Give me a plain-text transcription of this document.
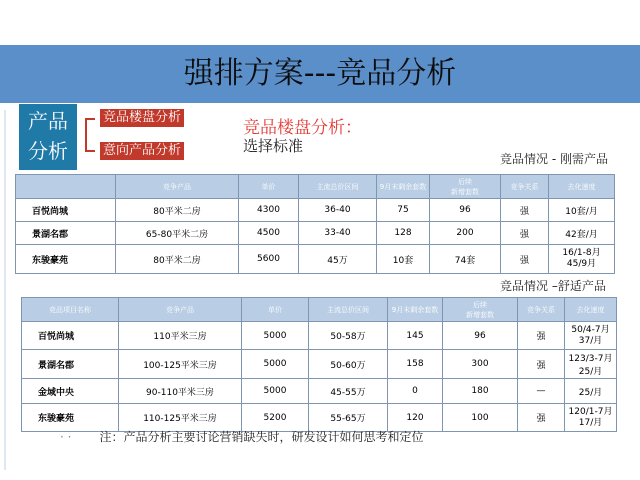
强排方案---竞品分析
产品
分析
竞品楼盘分析
意向产品分析
竞品楼盘分析：
选择标准
竞品情况 - 刚需产品
	竞争产品	单价	主流总价区间	9月末剩余套数	后续
新增套数	竞争关系	去化速度
百悦尚城	80平米二房	4300	36-40	75	96	强	10套/月
景湖名郡	65-80平米二房	4500	33-40	128	200	强	42套/月
东骏豪苑	80平米二房	5600	45万	10套	74套	强	16/1-8月
45/9月
竞品情况 –舒适产品
竞品项目名称	竞争产品	单价	主流总价区间	9月末剩余套数	后续
新增套数	竞争关系	去化速度
百悦尚城	110平米三房	5000	50-58万	145	96	强	50/4-7月
37/月
景湖名郡	100-125平米三房	5000	50-60万	158	300	强	123/3-7月25/月
金域中央	90-110平米三房	5000	45-55万	0	180	—	25/月
东骏豪苑	110-125平米三房	5200	55-65万	120	100	强	120/1-7月
17/月
· · 注：产品分析主要讨论营销缺失时，研发设计如何思考和定位
